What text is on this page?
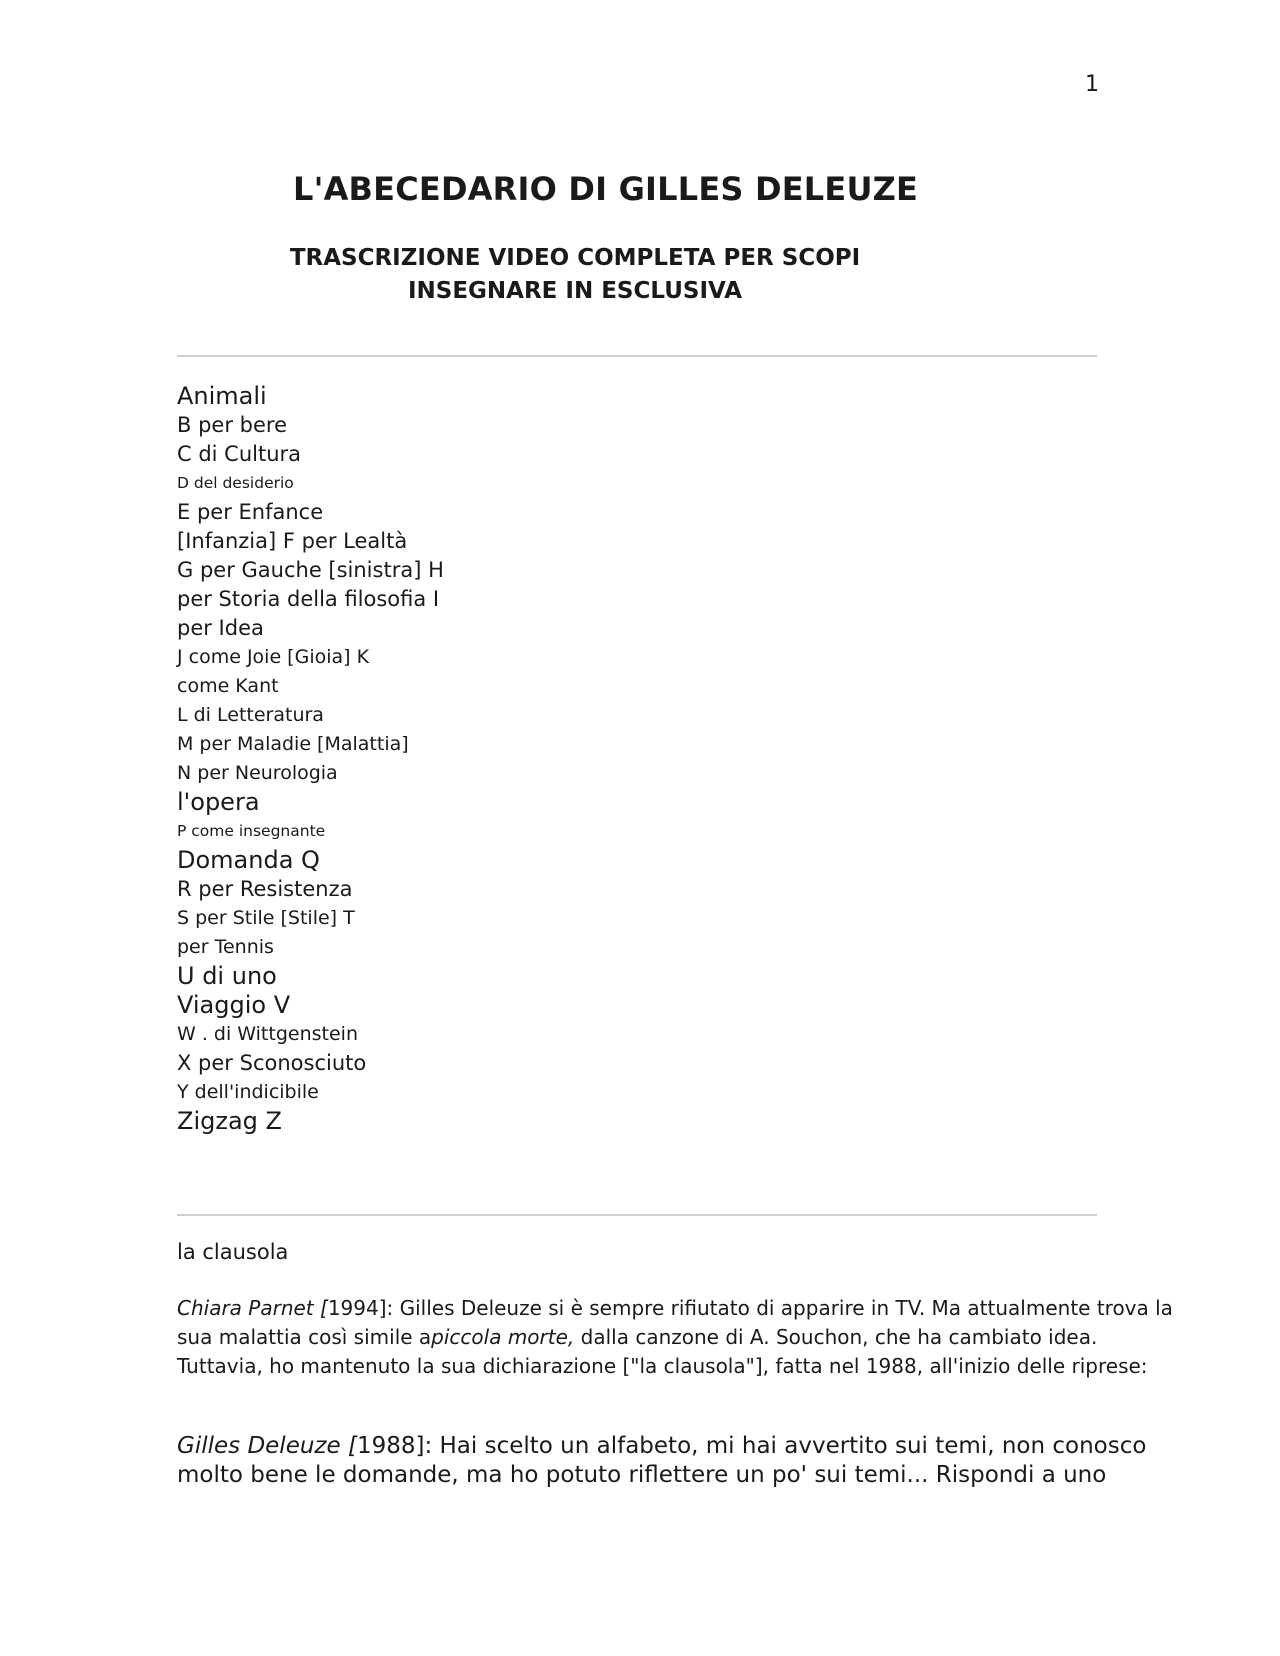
1
L'ABECEDARIO DI GILLES DELEUZE
TRASCRIZIONE VIDEO COMPLETA PER SCOPI
INSEGNARE IN ESCLUSIVA
Animali
B per bere
C di Cultura
D del desiderio
E per Enfance
[Infanzia] F per Lealtà
G per Gauche [sinistra] H
per Storia della filosofia I
per Idea
J come Joie [Gioia] K
come Kant
L di Letteratura
M per Maladie [Malattia]
N per Neurologia
l'opera
P come insegnante
Domanda Q
R per Resistenza
S per Stile [Stile] T
per Tennis
U di uno
Viaggio V
W . di Wittgenstein
X per Sconosciuto
Y dell'indicibile
Zigzag Z
la clausola
Chiara Parnet [1994]: Gilles Deleuze si è sempre rifiutato di apparire in TV. Ma attualmente trova la
sua malattia così simile apiccola morte, dalla canzone di A. Souchon, che ha cambiato idea.
Tuttavia, ho mantenuto la sua dichiarazione ["la clausola"], fatta nel 1988, all'inizio delle riprese:
Gilles Deleuze [1988]: Hai scelto un alfabeto, mi hai avvertito sui temi, non conosco
molto bene le domande, ma ho potuto riflettere un po' sui temi... Rispondi a uno
